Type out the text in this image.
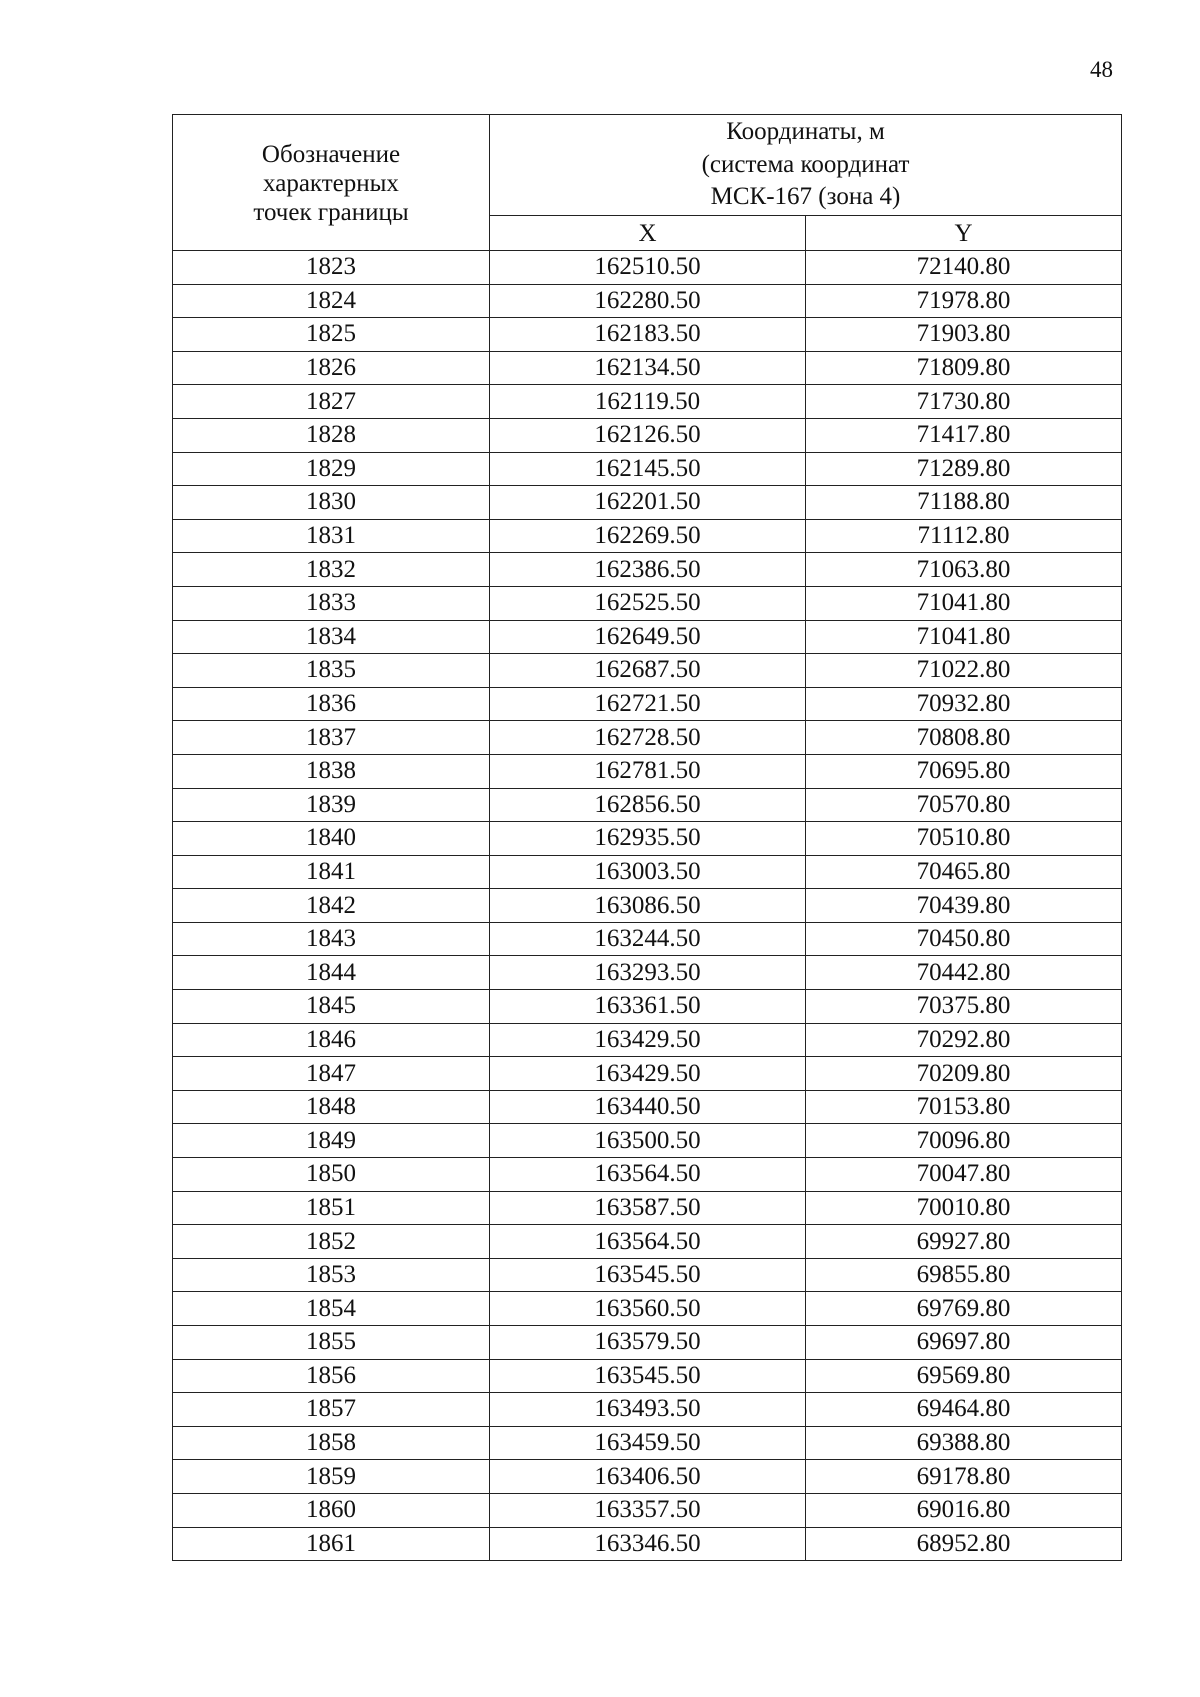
48
Обозначение
характерных
точек границы	Координаты, м
(система координат
МСК-167 (зона 4)	

	X	Y
1823	162510.50	72140.80
1824	162280.50	71978.80
1825	162183.50	71903.80
1826	162134.50	71809.80
1827	162119.50	71730.80
1828	162126.50	71417.80
1829	162145.50	71289.80
1830	162201.50	71188.80
1831	162269.50	71112.80
1832	162386.50	71063.80
1833	162525.50	71041.80
1834	162649.50	71041.80
1835	162687.50	71022.80
1836	162721.50	70932.80
1837	162728.50	70808.80
1838	162781.50	70695.80
1839	162856.50	70570.80
1840	162935.50	70510.80
1841	163003.50	70465.80
1842	163086.50	70439.80
1843	163244.50	70450.80
1844	163293.50	70442.80
1845	163361.50	70375.80
1846	163429.50	70292.80
1847	163429.50	70209.80
1848	163440.50	70153.80
1849	163500.50	70096.80
1850	163564.50	70047.80
1851	163587.50	70010.80
1852	163564.50	69927.80
1853	163545.50	69855.80
1854	163560.50	69769.80
1855	163579.50	69697.80
1856	163545.50	69569.80
1857	163493.50	69464.80
1858	163459.50	69388.80
1859	163406.50	69178.80
1860	163357.50	69016.80
1861	163346.50	68952.80
